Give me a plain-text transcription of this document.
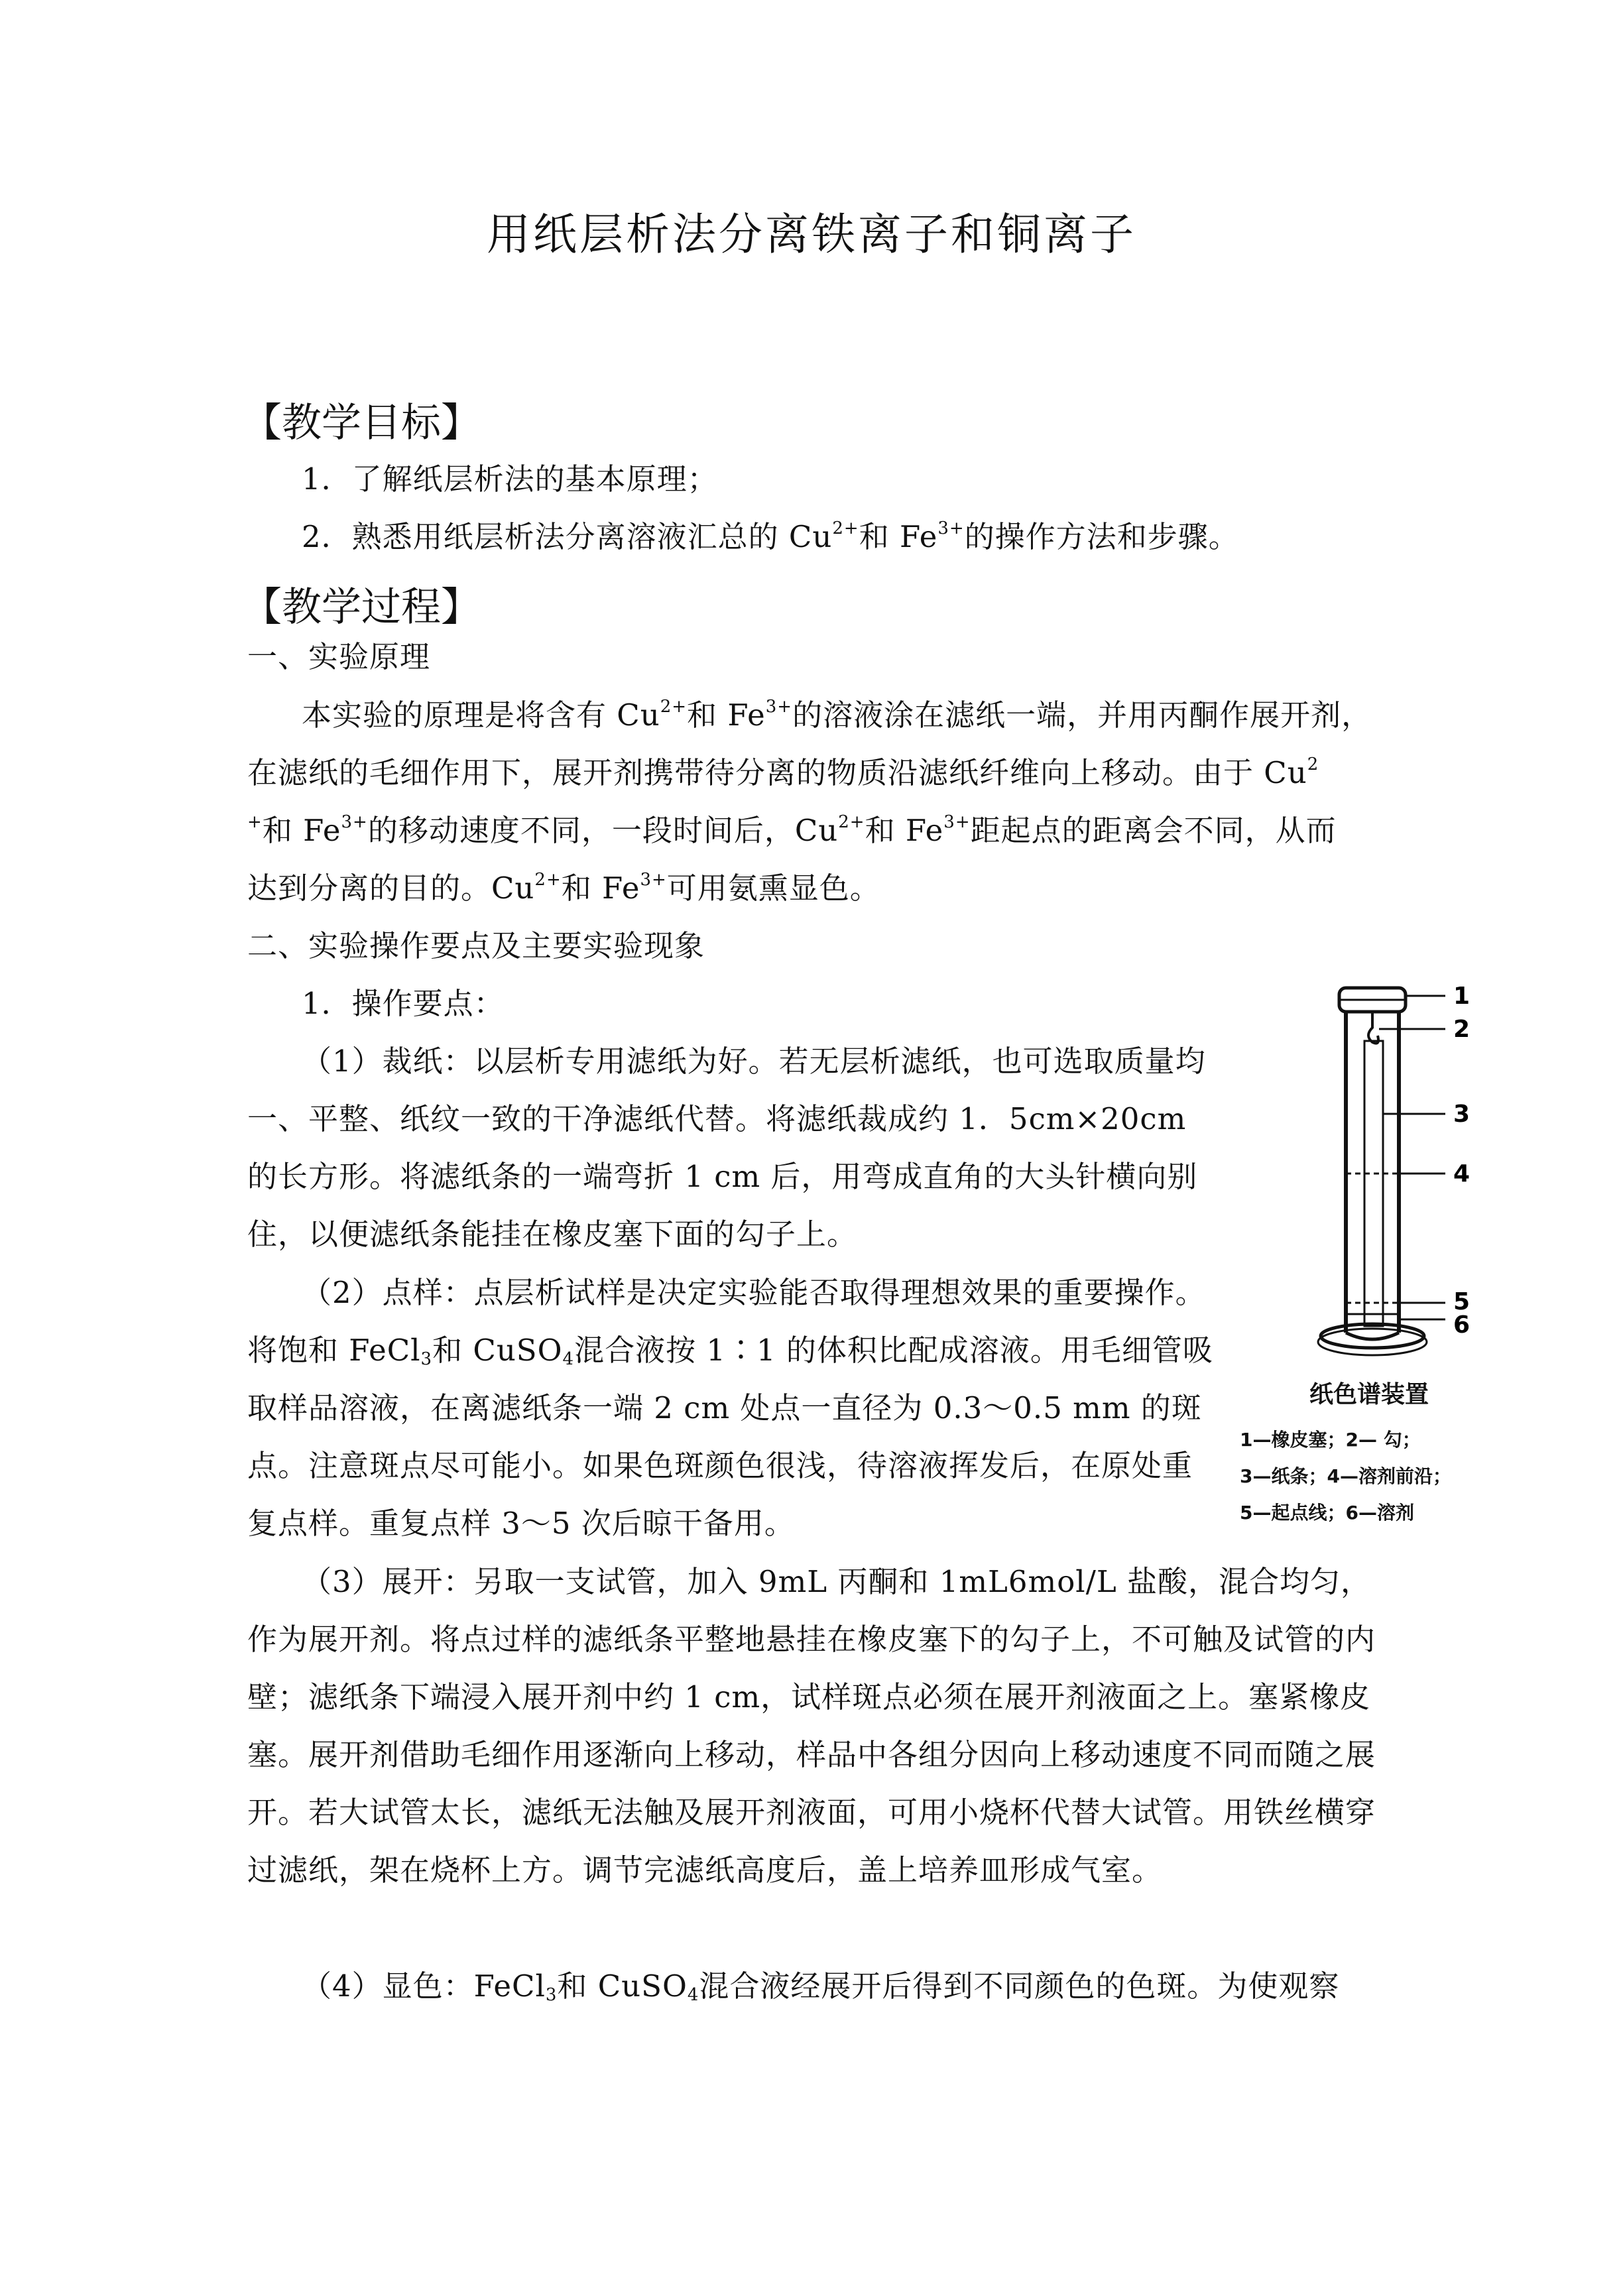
用纸层析法分离铁离子和铜离子
【教学目标】
1．了解纸层析法的基本原理；
2．熟悉用纸层析法分离溶液汇总的 $Cu^{2+}$和 $Fe^{3+}$的操作方法和步骤。
【教学过程】
一、实验原理
本实验的原理是将含有 $Cu^{2+}$和 $Fe^{3+}$的溶液涂在滤纸一端，并用丙酮作展开剂，
在滤纸的毛细作用下，展开剂携带待分离的物质沿滤纸纤维向上移动。由于 Cu$^2$
+和 $Fe^{3+}$的移动速度不同，一段时间后，$Cu^{2+}$和 $Fe^{3+}$距起点的距离会不同，从而
达到分离的目的。$Cu^{2+}$和 $Fe^{3+}$可用氨熏显色。
二、实验操作要点及主要实验现象
1．操作要点：
（1）裁纸：以层析专用滤纸为好。若无层析滤纸，也可选取质量均一、平整、纸纹一致的干净滤纸代替。将滤纸裁成约 1．5cm×20cm 的长方形。将滤纸条的一端弯折 1 cm 后，用弯成直角的大头针横向别住，以便滤纸条能挂在橡皮塞下面的勾子上。
（2）点样：点层析试样是决定实验能否取得理想效果的重要操作。将饱和 FeCl$_3$和 CuSO$_4$混合液按 1∶1 的体积比配成溶液。用毛细管吸取样品溶液，在离滤纸条一端 2 cm 处点一直径为 0.3～0.5 mm 的斑点。注意斑点尽可能小。如果色斑颜色很浅，待溶液挥发后，在原处重复点样。重复点样 3～5 次后晾干备用。
（3）展开：另取一支试管，加入 9mL 丙酮和 1mL6mol/L 盐酸，混合均匀，作为展开剂。将点过样的滤纸条平整地悬挂在橡皮塞下的勾子上，不可触及试管的内壁；滤纸条下端浸入展开剂中约 1 cm，试样斑点必须在展开剂液面之上。塞紧橡皮塞。展开剂借助毛细作用逐渐向上移动，样品中各组分因向上移动速度不同而随之展开。若大试管太长，滤纸无法触及展开剂液面，可用小烧杯代替大试管。用铁丝横穿过滤纸，架在烧杯上方。调节完滤纸高度后，盖上培养皿形成气室。
（4）显色：FeCl$_3$和 CuSO$_4$混合液经展开后得到不同颜色的色斑。为使观察
1
2
3
4
5
6
纸色谱装置
1—橡皮塞；2— 勾；
3—纸条；4—溶剂前沿；
5—起点线；6—溶剂
